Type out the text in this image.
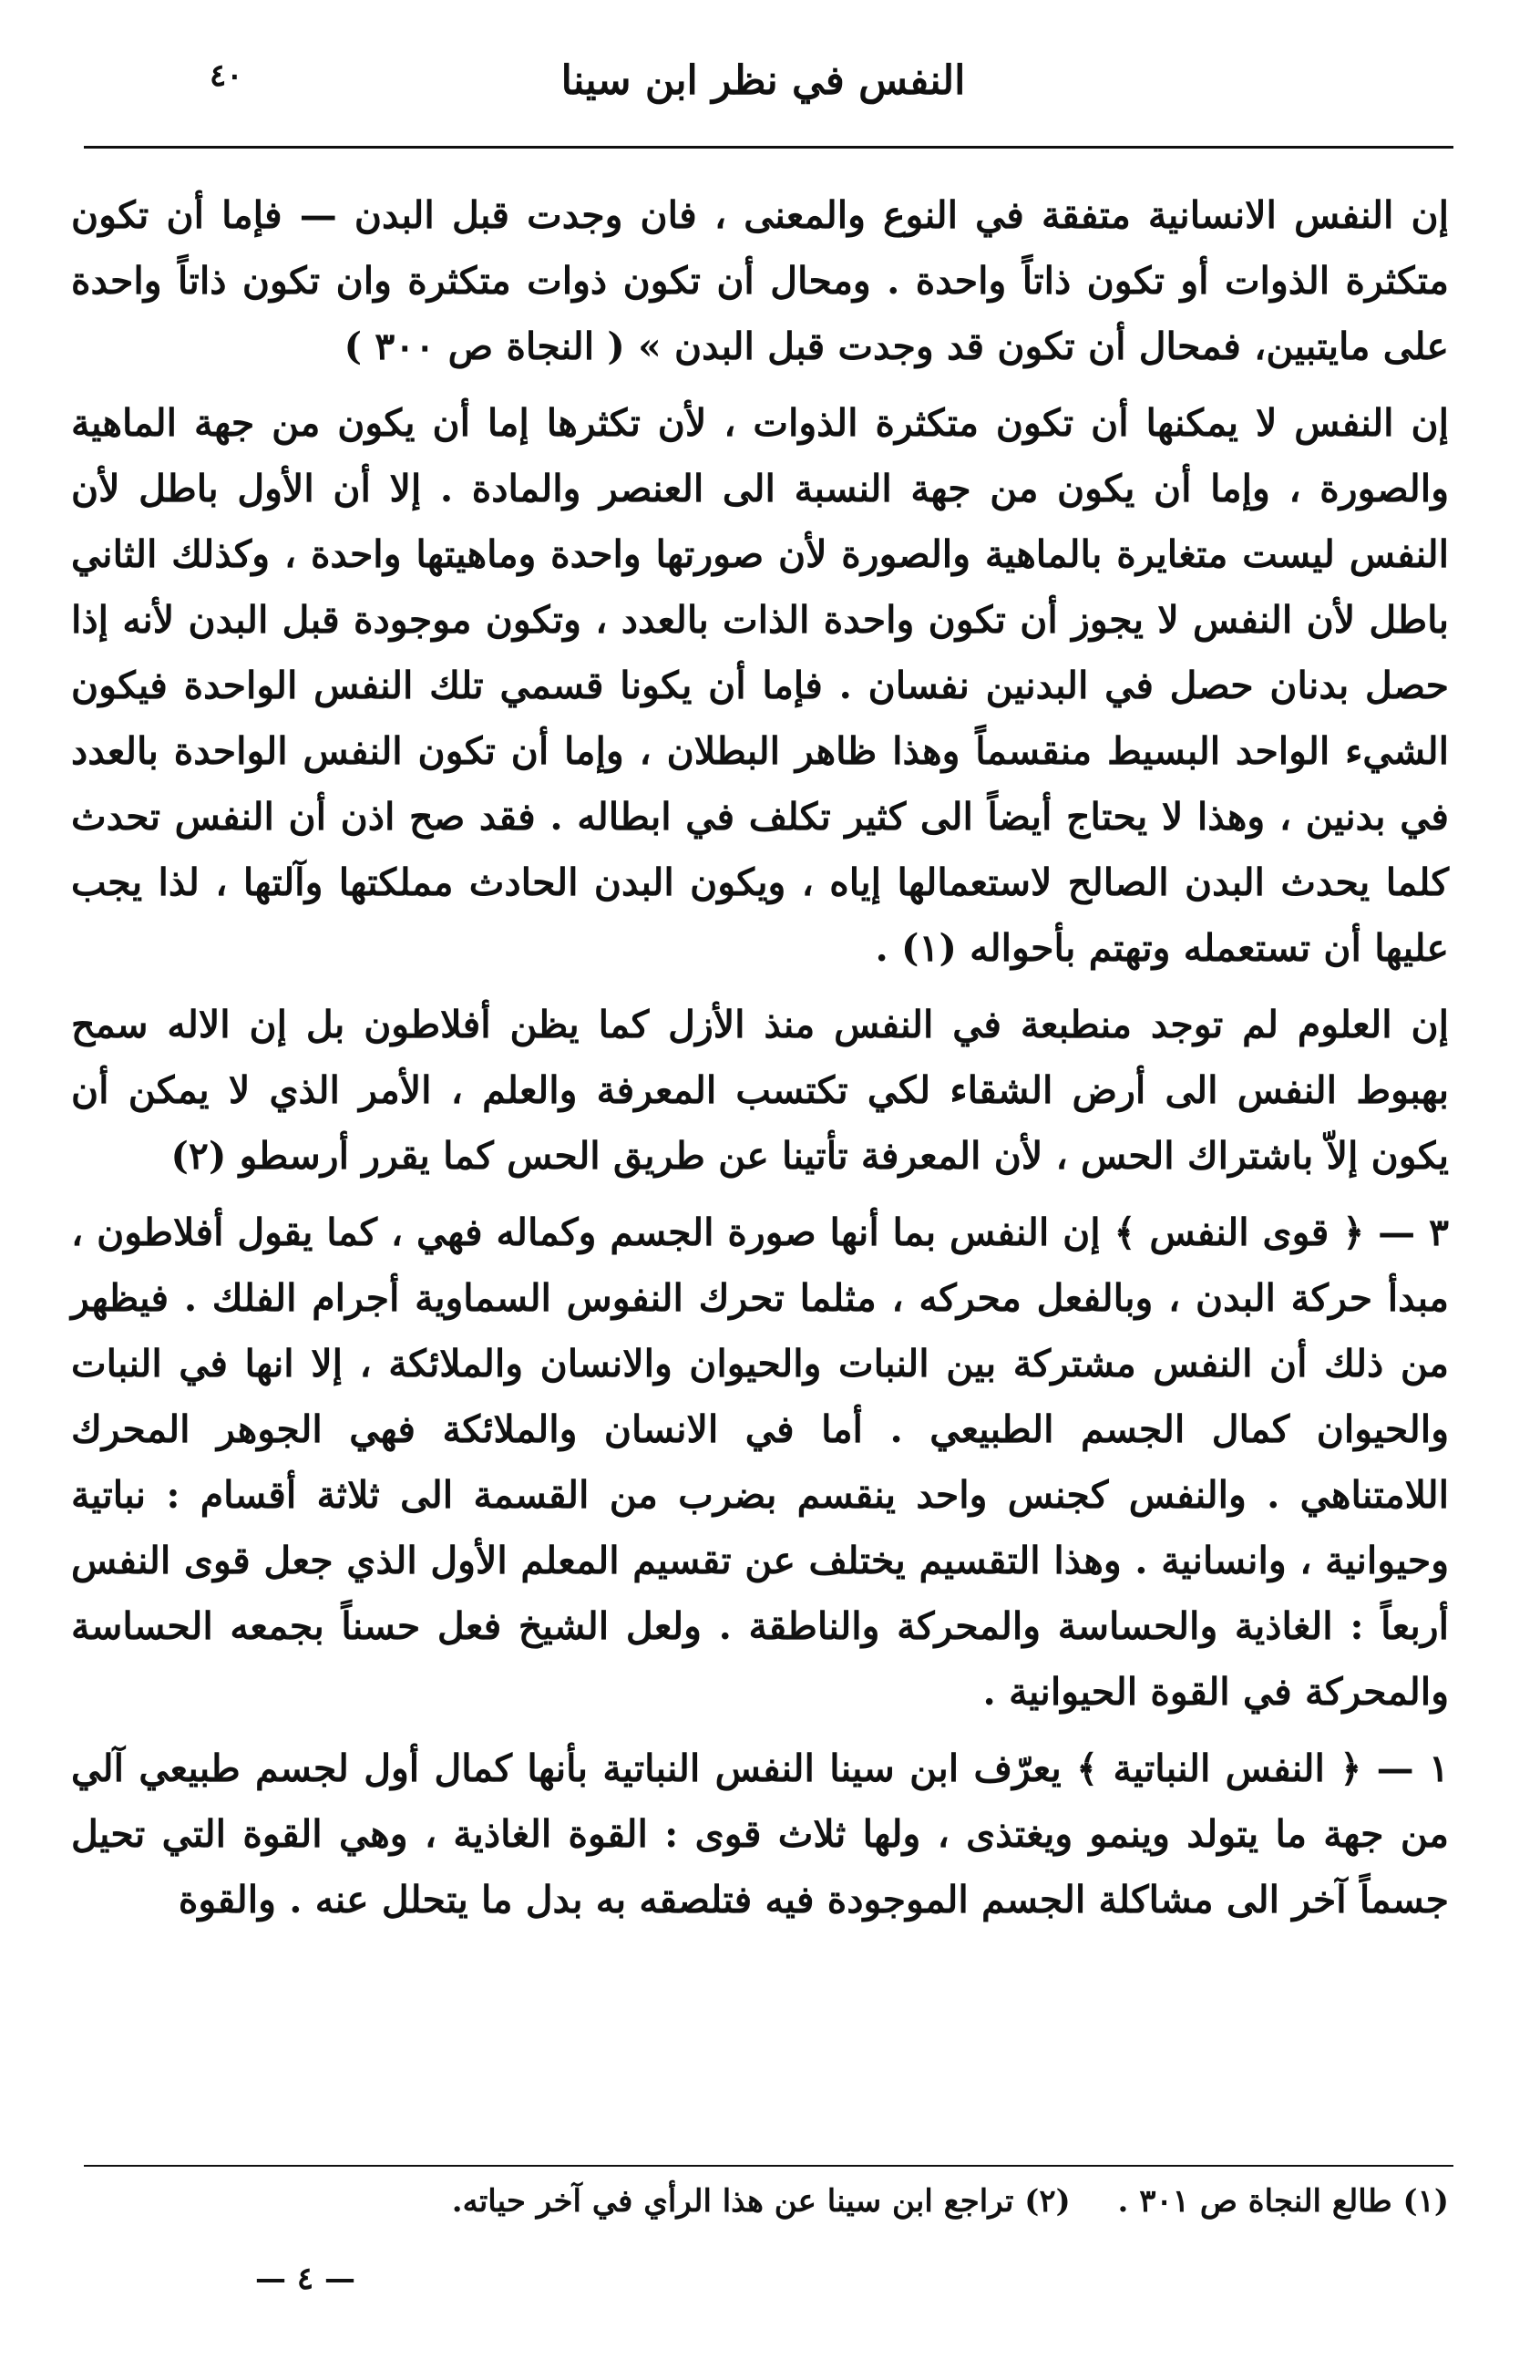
النفس في نظر ابن سينا
٤٠

إن النفس الانسانية متفقة في النوع والمعنى ، فان وجدت قبل البدن — فإما أن تكون متكثرة الذوات أو تكون ذاتاً واحدة . ومحال أن تكون ذوات متكثرة وان تكون ذاتاً واحدة على مايتبين، فمحال أن تكون قد وجدت قبل البدن » ( النجاة ص ٣٠٠ )

إن النفس لا يمكنها أن تكون متكثرة الذوات ، لأن تكثرها إما أن يكون من جهة الماهية والصورة ، وإما أن يكون من جهة النسبة الى العنصر والمادة . إلا أن الأول باطل لأن النفس ليست متغايرة بالماهية والصورة لأن صورتها واحدة وماهيتها واحدة ، وكذلك الثاني باطل لأن النفس لا يجوز أن تكون واحدة الذات بالعدد ، وتكون موجودة قبل البدن لأنه إذا حصل بدنان حصل في البدنين نفسان . فإما أن يكونا قسمي تلك النفس الواحدة فيكون الشيء الواحد البسيط منقسماً وهذا ظاهر البطلان ، وإما أن تكون النفس الواحدة بالعدد في بدنين ، وهذا لا يحتاج أيضاً الى كثير تكلف في ابطاله . فقد صح اذن أن النفس تحدث كلما يحدث البدن الصالح لاستعمالها إياه ، ويكون البدن الحادث مملكتها وآلتها ، لذا يجب عليها أن تستعمله وتهتم بأحواله (١) .

إن العلوم لم توجد منطبعة في النفس منذ الأزل كما يظن أفلاطون بل إن الاله سمح بهبوط النفس الى أرض الشقاء لكي تكتسب المعرفة والعلم ، الأمر الذي لا يمكن أن يكون إلاّ باشتراك الحس ، لأن المعرفة تأتينا عن طريق الحس كما يقرر أرسطو (٢)

٣ — ﴿ قوى النفس ﴾ إن النفس بما أنها صورة الجسم وكماله فهي ، كما يقول أفلاطون ، مبدأ حركة البدن ، وبالفعل محركه ، مثلما تحرك النفوس السماوية أجرام الفلك . فيظهر من ذلك أن النفس مشتركة بين النبات والحيوان والانسان والملائكة ، إلا انها في النبات والحيوان كمال الجسم الطبيعي . أما في الانسان والملائكة فهي الجوهر المحرك اللامتناهي . والنفس كجنس واحد ينقسم بضرب من القسمة الى ثلاثة أقسام : نباتية وحيوانية ، وانسانية . وهذا التقسيم يختلف عن تقسيم المعلم الأول الذي جعل قوى النفس أربعاً : الغاذية والحساسة والمحركة والناطقة . ولعل الشيخ فعل حسناً بجمعه الحساسة والمحركة في القوة الحيوانية .

١ — ﴿ النفس النباتية ﴾ يعرّف ابن سينا النفس النباتية بأنها كمال أول لجسم طبيعي آلي من جهة ما يتولد وينمو ويغتذى ، ولها ثلاث قوى : القوة الغاذية ، وهي القوة التي تحيل جسماً آخر الى مشاكلة الجسم الموجودة فيه فتلصقه به بدل ما يتحلل عنه . والقوة

(١) طالع النجاة ص ٣٠١ . (٢) تراجع ابن سينا عن هذا الرأي في آخر حياته.
— ٤ —
